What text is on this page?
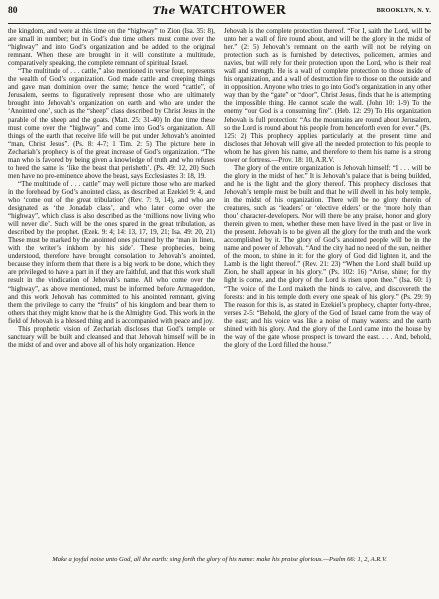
80	The WATCHTOWER	BROOKLYN, N. Y.

the kingdom, and were at this time on the “highway” to Zion (Isa. 35: 8), are small in number; but in God’s due time others must come over the “highway” and into God’s organization and be added to the original remnant. When these are brought in it will constitute a multitude, comparatively speaking, the complete remnant of spiritual Israel.

“The multitude of . . . cattle,” also mentioned in verse four, represents the wealth of God’s organization. God made cattle and creeping things and gave man dominion over the same; hence the word “cattle”, of Jerusalem, seems to figuratively represent those who are ultimately brought into Jehovah’s organization on earth and who are under the ‘Anointed one’, such as the “sheep” class described by Christ Jesus in the parable of the sheep and the goats. (Matt. 25: 31-40) In due time these must come over the “highway” and come into God’s organization. All things of the earth that receive life will be put under Jehovah’s anointed “man, Christ Jesus”. (Ps. 8: 4-7; 1 Tim. 2: 5) The picture here in Zechariah’s prophecy is of the great increase of God’s organization. “The man who is favored by being given a knowledge of truth and who refuses to heed the same is ‘like the beast that perisheth’. (Ps. 49: 12, 20) Such men have no pre-eminence above the beast, says Ecclesiastes 3: 18, 19.

“The multitude of . . . cattle” may well picture those who are marked in the forehead by God’s anointed class, as described at Ezekiel 9: 4, and who ‘come out of the great tribulation’ (Rev. 7: 9, 14), and who are designated as ‘the Jonadab class’, and who later come over the “highway”, which class is also described as the ‘millions now living who will never die’. Such will be the ones spared in the great tribulation, as described by the prophet. (Ezek. 9: 4; 14: 13, 17, 19, 21; Isa. 49: 20, 21) These must be marked by the anointed ones pictured by the ‘man in linen, with the writer’s inkhorn by his side’. These prophecies, being understood, therefore have brought consolation to Jehovah’s anointed, because they inform them that there is a big work to be done, which they are privileged to have a part in if they are faithful, and that this work shall result in the vindication of Jehovah’s name. All who come over the “highway”, as above mentioned, must be informed before Armageddon, and this work Jehovah has committed to his anointed remnant, giving them the privilege to carry the “fruits” of his kingdom and bear them to others that they might know that he is the Almighty God. This work in the field of Jehovah is a blessed thing and is accompanied with peace and joy.

This prophetic vision of Zechariah discloses that God’s temple or sanctuary will be built and cleansed and that Jehovah himself will be in the midst of and over and above all of his holy organization. Hence

Jehovah is the complete protection thereof. “For I, saith the Lord, will be unto her a wall of fire round about, and will be the glory in the midst of her.” (2: 5) Jehovah’s remnant on the earth will not be relying on protection such as is furnished by detectives, policemen, armies and navies, but will rely for their protection upon the Lord, who is their real wall and strength. He is a wall of complete protection to those inside of his organization, and a wall of destruction fire to those on the outside and in opposition. Anyone who tries to go into God’s organization in any other way than by the “gate” or “door”, Christ Jesus, finds that he is attempting the impossible thing. He cannot scale the wall. (John 10: 1-9) To the enemy “our God is a consuming fire”. (Heb. 12: 29) To His organization Jehovah is full protection: “As the mountains are round about Jerusalem, so the Lord is round about his people from henceforth even for ever.” (Ps. 125: 2) This prophecy applies particularly at the present time and discloses that Jehovah will give all the needed protection to his people to whom he has given his name, and therefore to them his name is a strong tower or fortress.—Prov. 18: 10, A.R.V.

The glory of the entire organization is Jehovah himself: “I . . . will be the glory in the midst of her.” It is Jehovah’s palace that is being builded, and he is the light and the glory thereof. This prophecy discloses that Jehovah’s temple must be built and that he will dwell in his holy temple, in the midst of his organization. There will be no glory therein of creatures, such as ‘leaders’ or ‘elective elders’ or the ‘more holy than thou’ character-developers. Nor will there be any praise, honor and glory therein given to men, whether these men have lived in the past or live in the present. Jehovah is to be given all the glory for the truth and the work accomplished by it. The glory of God’s anointed people will be in the name and power of Jehovah. “And the city had no need of the sun, neither of the moon, to shine in it: for the glory of God did lighten it, and the Lamb is the light thereof.” (Rev. 21: 23) “When the Lord shall build up Zion, he shall appear in his glory.” (Ps. 102: 16) “Arise, shine; for thy light is come, and the glory of the Lord is risen upon thee.” (Isa. 60: 1) “The voice of the Lord maketh the hinds to calve, and discovereth the forests: and in his temple doth every one speak of his glory.” (Ps. 29: 9) The reason for this is, as stated in Ezekiel’s prophecy, chapter forty-three, verses 2-5: “Behold, the glory of the God of Israel came from the way of the east; and his voice was like a noise of many waters: and the earth shined with his glory. And the glory of the Lord came into the house by the way of the gate whose prospect is toward the east. . . . And, behold, the glory of the Lord filled the house.”

Make a joyful noise unto God, all the earth: sing forth the glory of his name: make his praise glorious.—Psalm 66: 1, 2, A.R.V.
